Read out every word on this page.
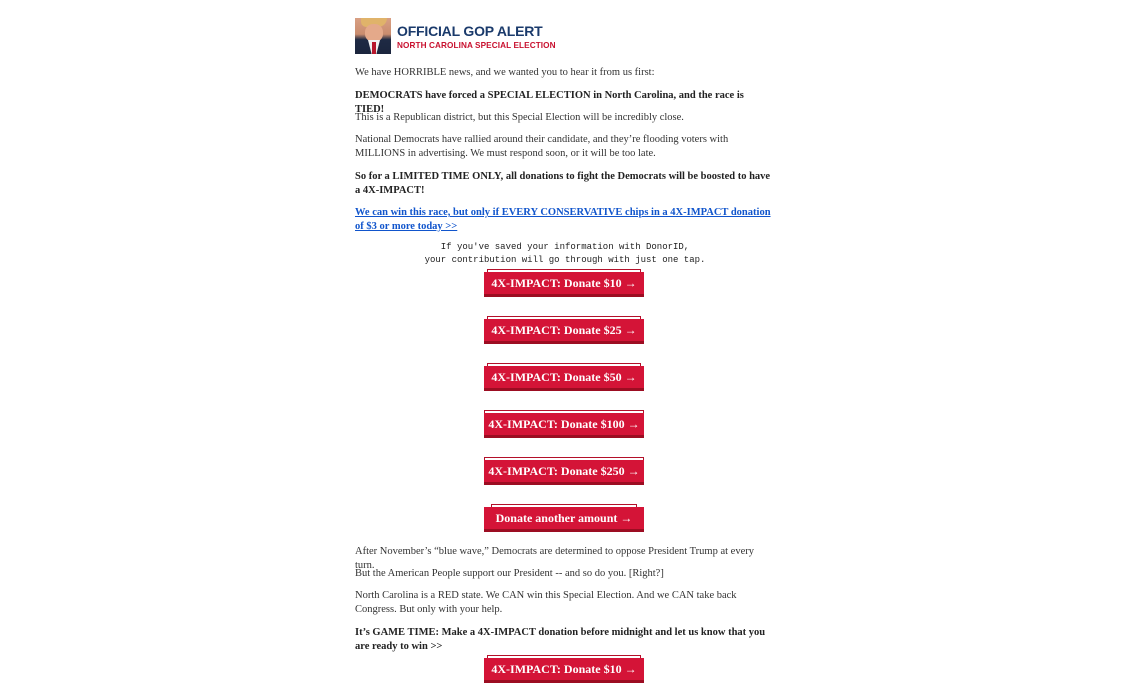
OFFICIAL GOP ALERT
NORTH CAROLINA SPECIAL ELECTION

We have HORRIBLE news, and we wanted you to hear it from us first:

DEMOCRATS have forced a SPECIAL ELECTION in North Carolina, and the race is TIED!

This is a Republican district, but this Special Election will be incredibly close.

National Democrats have rallied around their candidate, and they’re flooding voters with MILLIONS in advertising. We must respond soon, or it will be too late.

So for a LIMITED TIME ONLY, all donations to fight the Democrats will be boosted to have a 4X-IMPACT!

We can win this race, but only if EVERY CONSERVATIVE chips in a 4X-IMPACT donation of $3 or more today >>

If you've saved your information with DonorID,
your contribution will go through with just one tap.
4X-IMPACT: Donate $10 →
4X-IMPACT: Donate $25 →
4X-IMPACT: Donate $50 →
4X-IMPACT: Donate $100 →
4X-IMPACT: Donate $250 →
Donate another amount →

After November’s “blue wave,” Democrats are determined to oppose President Trump at every turn.

But the American People support our President -- and so do you. [Right?]

North Carolina is a RED state. We CAN win this Special Election. And we CAN take back Congress. But only with your help.

It’s GAME TIME: Make a 4X-IMPACT donation before midnight and let us know that you are ready to win >>

4X-IMPACT: Donate $10 →
